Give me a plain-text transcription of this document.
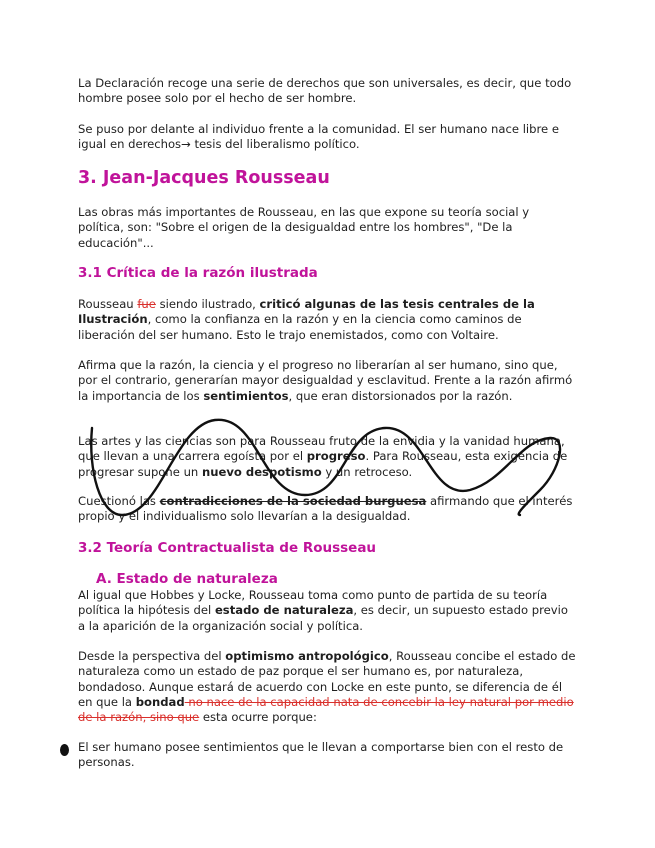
La Declaración recoge una serie de derechos que son universales, es decir, que todo hombre posee solo por el hecho de ser hombre.

Se puso por delante al individuo frente a la comunidad. El ser humano nace libre e igual en derechos→ tesis del liberalismo político.

3. Jean-Jacques Rousseau

Las obras más importantes de Rousseau, en las que expone su teoría social y política, son: "Sobre el origen de la desigualdad entre los hombres", "De la educación"...

3.1 Crítica de la razón ilustrada

Rousseau fue siendo ilustrado, criticó algunas de las tesis centrales de la Ilustración, como la confianza en la razón y en la ciencia como caminos de liberación del ser humano. Esto le trajo enemistados, como con Voltaire.

Afirma que la razón, la ciencia y el progreso no liberarían al ser humano, sino que, por el contrario, generarían mayor desigualdad y esclavitud. Frente a la razón afirmó la importancia de los sentimientos, que eran distorsionados por la razón.

Las artes y las ciencias son para Rousseau fruto de la envidia y la vanidad humana, que llevan a una carrera egoísta por el progreso. Para Rousseau, esta exigencia de progresar supone un nuevo despotismo y un retroceso.

Cuestionó las contradicciones de la sociedad burguesa afirmando que el interés propio y el individualismo solo llevarían a la desigualdad.

3.2 Teoría Contractualista de Rousseau
A. Estado de naturaleza

Al igual que Hobbes y Locke, Rousseau toma como punto de partida de su teoría política la hipótesis del estado de naturaleza, es decir, un supuesto estado previo a la aparición de la organización social y política.

Desde la perspectiva del optimismo antropológico, Rousseau concibe el estado de naturaleza como un estado de paz porque el ser humano es, por naturaleza, bondadoso. Aunque estará de acuerdo con Locke en este punto, se diferencia de él en que la bondad no nace de la capacidad nata de concebir la ley natural por medio de la razón, sino que esta ocurre porque:

El ser humano posee sentimientos que le llevan a comportarse bien con el resto de personas.
